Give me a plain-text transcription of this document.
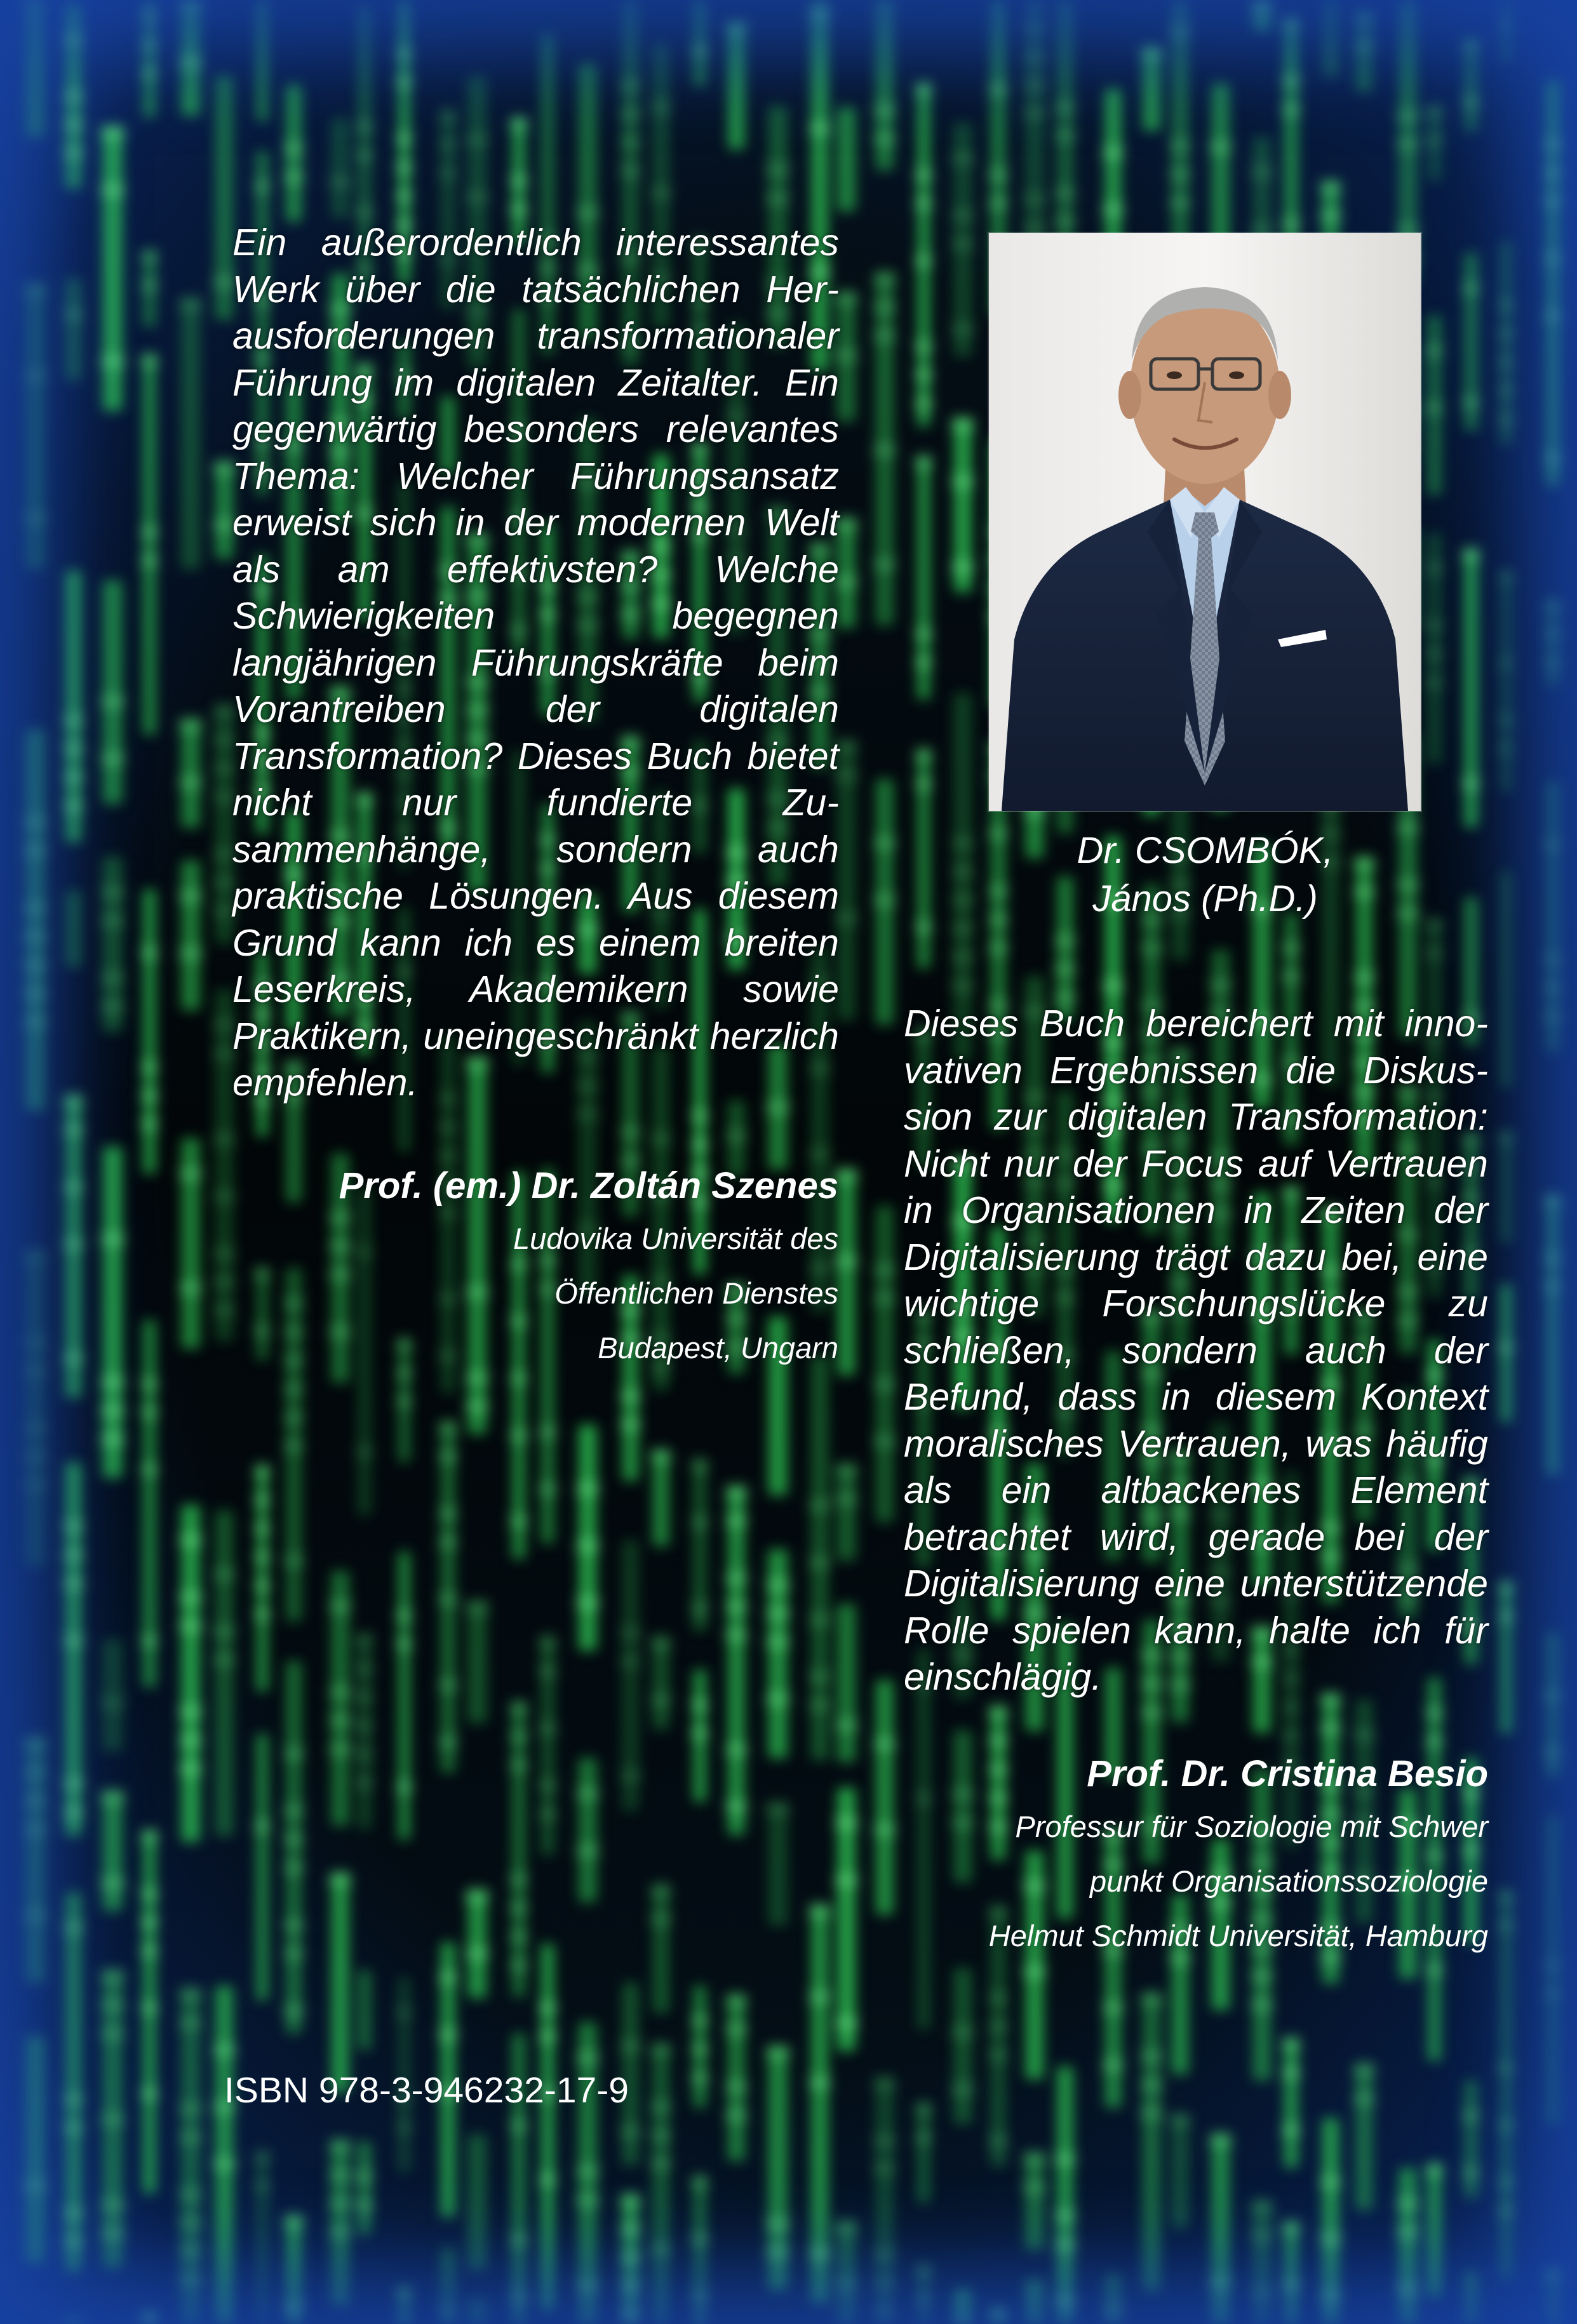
Ein außerordentlich interessantes Werk über die tatsächlichen Herausforderungen transformationaler Führung im digitalen Zeitalter. Ein gegenwärtig besonders relevantes Thema: Welcher Führungsansatz erweist sich in der modernen Welt als am effektivsten? Welche Schwierigkeiten begegnen langjährigen Führungskräfte beim Vorantreiben der digitalen Transformation? Dieses Buch bietet nicht nur fundierte Zusammenhänge, sondern auch praktische Lösungen. Aus diesem Grund kann ich es einem breiten Leserkreis, Akademikern sowie Praktikern, uneingeschränkt herzlich empfehlen.
Prof. (em.) Dr. Zoltán Szenes
Ludovika Universität des
Öffentlichen Dienstes
Budapest, Ungarn
Dr. CSOMBÓK,
János (Ph.D.)
Dieses Buch bereichert mit innovativen Ergebnissen die Diskussion zur digitalen Transformation: Nicht nur der Focus auf Vertrauen in Organisationen in Zeiten der Digitalisierung trägt dazu bei, eine wichtige Forschungslücke zu schließen, sondern auch der Befund, dass in diesem Kontext moralisches Vertrauen, was häufig als ein altbackenes Element betrachtet wird, gerade bei der Digitalisierung eine unterstützende Rolle spielen kann, halte ich für einschlägig.
Prof. Dr. Cristina Besio
Professur für Soziologie mit Schwer
punkt Organisationssoziologie
Helmut Schmidt Universität, Hamburg
ISBN 978-3-946232-17-9
